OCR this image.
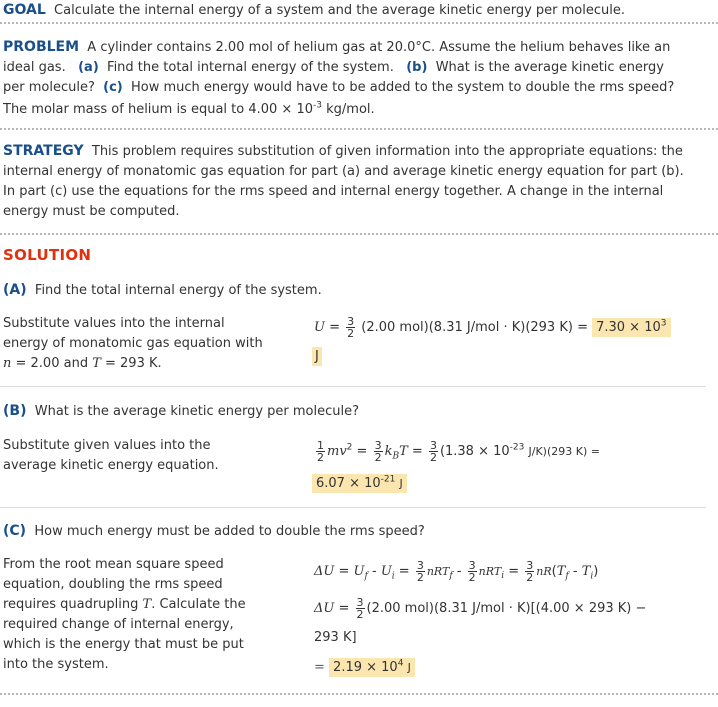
GOAL Calculate the internal energy of a system and the average kinetic energy per molecule.
PROBLEM A cylinder contains 2.00 mol of helium gas at 20.0°C. Assume the helium behaves like an
ideal gas. (a) Find the total internal energy of the system. (b) What is the average kinetic energy
per molecule? (c) How much energy would have to be added to the system to double the rms speed?
The molar mass of helium is equal to $4.00 \times 10^{-3}$ kg/mol.
STRATEGY This problem requires substitution of given information into the appropriate equations: the
internal energy of monatomic gas equation for part (a) and average kinetic energy equation for part (b).
In part (c) use the equations for the rms speed and internal energy together. A change in the internal
energy must be computed.
SOLUTION
(A) Find the total internal energy of the system.
Substitute values into the internal
energy of monatomic gas equation with
n = 2.00 and T = 293 K.
$U = \frac{3}{2} (2.00$ mol)(8.31 J/mol · K)(293 $K) = 7.30 \times 10^3$
J
(B) What is the average kinetic energy per molecule?
Substitute given values into the
average kinetic energy equation.
$\frac{1}{2} mv^2 = \frac{3}{2} k_BT = \frac{3}{2} (1.38 \times 10^{-23}$ J/K)(293 K) =
$6.07 \times 10^{-21}$ J
(C) How much energy must be added to double the rms speed?
From the root mean square speed
equation, doubling the rms speed
requires quadrupling T. Calculate the
required change of internal energy,
which is the energy that must be put
into the system.
$\Delta U = U_f - U_i = \frac{3}{2} nRT_f - \frac{3}{2} nRT_i = \frac{3}{2} nR(T_f - T_i)$
$\Delta U = \frac{3}{2} (2.00$ mol)(8.31 J/mol · K)[(4.00 × 293 K) −
293 K]
= $2.19 \times 10^4$ J
